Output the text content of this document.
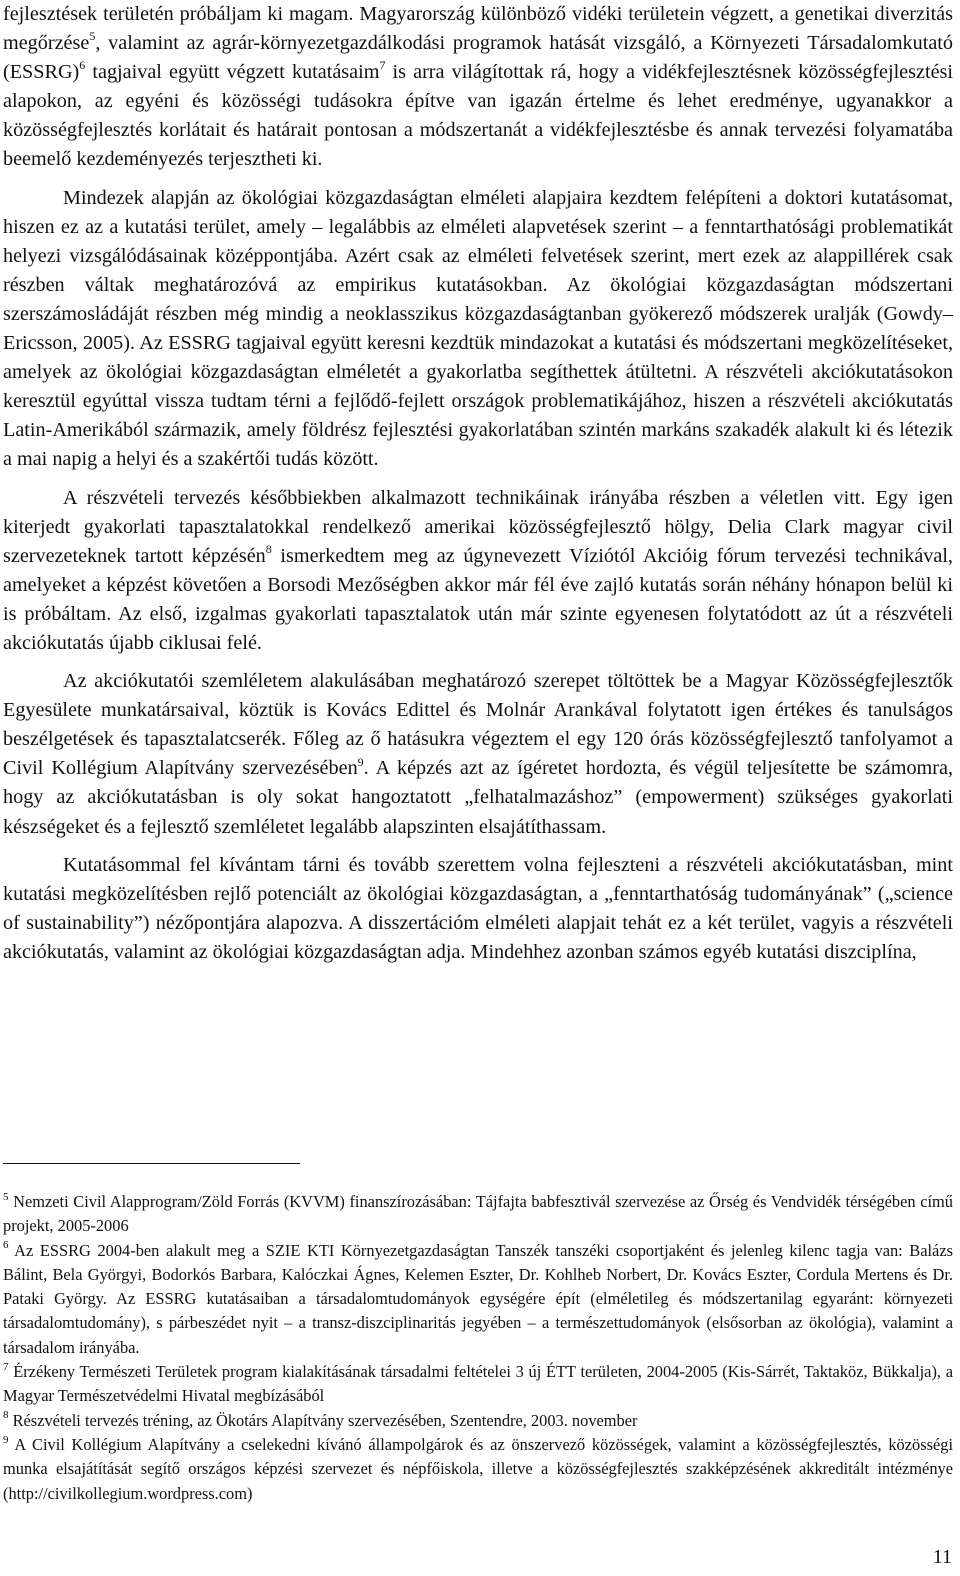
fejlesztések területén próbáljam ki magam. Magyarország különböző vidéki területein végzett, a genetikai diverzitás megőrzése$^5$, valamint az agrár-környezetgazdálkodási programok hatását vizsgáló, a Környezeti Társadalomkutató (ESSRG)$^6$ tagjaival együtt végzett kutatásaim$^7$ is arra világítottak rá, hogy a vidékfejlesztésnek közösségfejlesztési alapokon, az egyéni és közösségi tudásokra építve van igazán értelme és lehet eredménye, ugyanakkor a közösségfejlesztés korlátait és határait pontosan a módszertanát a vidékfejlesztésbe és annak tervezési folyamatába beemelő kezdeményezés terjesztheti ki.

Mindezek alapján az ökológiai közgazdaságtan elméleti alapjaira kezdtem felépíteni a doktori kutatásomat, hiszen ez az a kutatási terület, amely – legalábbis az elméleti alapvetések szerint – a fenntarthatósági problematikát helyezi vizsgálódásainak középpontjába. Azért csak az elméleti felvetések szerint, mert ezek az alappillérek csak részben váltak meghatározóvá az empirikus kutatásokban. Az ökológiai közgazdaságtan módszertani szerszámosládáját részben még mindig a neoklasszikus közgazdaságtanban gyökerező módszerek uralják (Gowdy– Ericsson, 2005). Az ESSRG tagjaival együtt keresni kezdtük mindazokat a kutatási és módszertani megközelítéseket, amelyek az ökológiai közgazdaságtan elméletét a gyakorlatba segíthettek átültetni. A részvételi akciókutatásokon keresztül egyúttal vissza tudtam térni a fejlődő-fejlett országok problematikájához, hiszen a részvételi akciókutatás Latin-Amerikából származik, amely földrész fejlesztési gyakorlatában szintén markáns szakadék alakult ki és létezik a mai napig a helyi és a szakértői tudás között.

A részvételi tervezés későbbiekben alkalmazott technikáinak irányába részben a véletlen vitt. Egy igen kiterjedt gyakorlati tapasztalatokkal rendelkező amerikai közösségfejlesztő hölgy, Delia Clark magyar civil szervezeteknek tartott képzésén$^8$ ismerkedtem meg az úgynevezett Víziótól Akcióig fórum tervezési technikával, amelyeket a képzést követően a Borsodi Mezőségben akkor már fél éve zajló kutatás során néhány hónapon belül ki is próbáltam. Az első, izgalmas gyakorlati tapasztalatok után már szinte egyenesen folytatódott az út a részvételi akciókutatás újabb ciklusai felé.

Az akciókutatói szemléletem alakulásában meghatározó szerepet töltöttek be a Magyar Közösségfejlesztők Egyesülete munkatársaival, köztük is Kovács Edittel és Molnár Arankával folytatott igen értékes és tanulságos beszélgetések és tapasztalatcserék. Főleg az ő hatásukra végeztem el egy 120 órás közösségfejlesztő tanfolyamot a Civil Kollégium Alapítvány szervezésében$^9$. A képzés azt az ígéretet hordozta, és végül teljesítette be számomra, hogy az akciókutatásban is oly sokat hangoztatott „felhatalmazáshoz” (empowerment) szükséges gyakorlati készségeket és a fejlesztő szemléletet legalább alapszinten elsajátíthassam.

Kutatásommal fel kívántam tárni és tovább szerettem volna fejleszteni a részvételi akciókutatásban, mint kutatási megközelítésben rejlő potenciált az ökológiai közgazdaságtan, a „fenntarthatóság tudományának” („science of sustainability”) nézőpontjára alapozva. A disszertációm elméleti alapjait tehát ez a két terület, vagyis a részvételi akciókutatás, valamint az ökológiai közgazdaságtan adja. Mindehhez azonban számos egyéb kutatási diszciplína,

$^5$ Nemzeti Civil Alapprogram/Zöld Forrás (KVVM) finanszírozásában: Tájfajta babfesztivál szervezése az Őrség és Vendvidék térségében című projekt, 2005-2006

$^6$ Az ESSRG 2004-ben alakult meg a SZIE KTI Környezetgazdaságtan Tanszék tanszéki csoportjaként és jelenleg kilenc tagja van: Balázs Bálint, Bela Györgyi, Bodorkós Barbara, Kalóczkai Ágnes, Kelemen Eszter, Dr. Kohlheb Norbert, Dr. Kovács Eszter, Cordula Mertens és Dr. Pataki György. Az ESSRG kutatásaiban a társadalomtudományok egységére épít (elméletileg és módszertanilag egyaránt: környezeti társadalomtudomány), s párbeszédet nyit – a transz-diszciplinaritás jegyében – a természettudományok (elsősorban az ökológia), valamint a társadalom irányába.

$^7$ Érzékeny Természeti Területek program kialakításának társadalmi feltételei 3 új ÉTT területen, 2004-2005 (Kis-Sárrét, Taktaköz, Bükkalja), a Magyar Természetvédelmi Hivatal megbízásából

$^8$ Részvételi tervezés tréning, az Ökotárs Alapítvány szervezésében, Szentendre, 2003. november

$^9$ A Civil Kollégium Alapítvány a cselekedni kívánó állampolgárok és az önszervező közösségek, valamint a közösségfejlesztés, közösségi munka elsajátítását segítő országos képzési szervezet és népfőiskola, illetve a közösségfejlesztés szakképzésének akkreditált intézménye (http://civilkollegium.wordpress.com)

11
